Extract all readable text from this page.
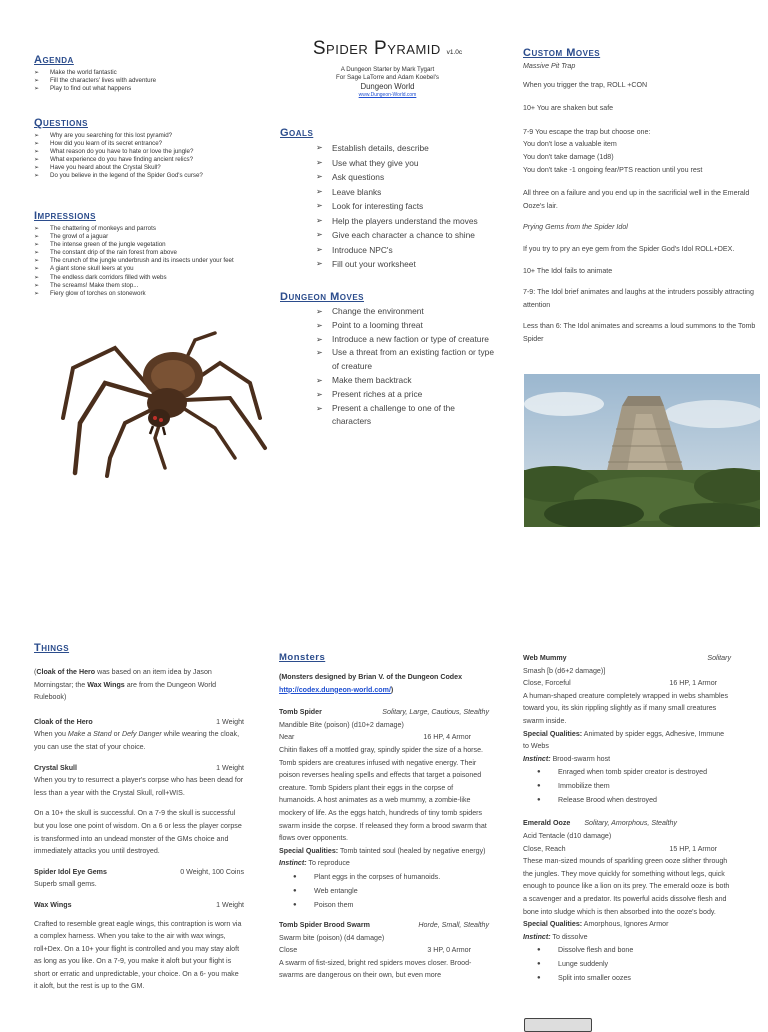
Agenda
➢ Make the world fantastic
➢ Fill the characters' lives with adventure
➢ Play to find out what happens
Questions
➢ Why are you searching for this lost pyramid?
➢ How did you learn of its secret entrance?
➢ What reason do you have to hate or love the jungle?
➢ What experience do you have finding ancient relics?
➢ Have you heard about the Crystal Skull?
➢ Do you believe in the legend of the Spider God's curse?
Impressions
➢ The chattering of monkeys and parrots
➢ The growl of a jaguar
➢ The intense green of the jungle vegetation
➢ The constant drip of the rain forest from above
➢ The crunch of the jungle underbrush and its insects under your feet
➢ A giant stone skull leers at you
➢ The endless dark corridors filled with webs
➢ The screams! Make them stop...
➢ Fiery glow of torches on stonework
Spider Pyramid v1.0c
A Dungeon Starter by Mark Tygart
For Sage LaTorre and Adam Koebel's
Dungeon World
www.Dungeon-World.com
Goals
➢ Establish details, describe
➢ Use what they give you
➢ Ask questions
➢ Leave blanks
➢ Look for interesting facts
➢ Help the players understand the moves
➢ Give each character a chance to shine
➢ Introduce NPC's
➢ Fill out your worksheet
Dungeon Moves
➢ Change the environment
➢ Point to a looming threat
➢ Introduce a new faction or type of creature
➢ Use a threat from an existing faction or type of creature
➢ Make them backtrack
➢ Present riches at a price
➢ Present a challenge to one of the characters
Custom Moves
Massive Pit Trap
When you trigger the trap, ROLL +CON
10+ You are shaken but safe
7-9 You escape the trap but choose one:
You don't lose a valuable item
You don't take damage (1d8)
You don't take -1 ongoing fear/PTS reaction until you rest
All three on a failure and you end up in the sacrificial well in the Emerald Ooze's lair.
Prying Gems from the Spider Idol
If you try to pry an eye gem from the Spider God's Idol ROLL+DEX.
10+ The Idol fails to animate
7-9: The Idol brief animates and laughs at the intruders possibly attracting attention
Less than 6: The Idol animates and screams a loud summons to the Tomb Spider
Things
(Cloak of the Hero was based on an item idea by Jason Morningstar; the Wax Wings are from the Dungeon World Rulebook)
Cloak of the Hero	1 Weight
When you Make a Stand or Defy Danger while wearing the cloak, you can use the stat of your choice.
Crystal Skull	1 Weight
When you try to resurrect a player's corpse who has been dead for less than a year with the Crystal Skull, roll+WIS.
On a 10+ the skull is successful. On a 7-9 the skull is successful but you lose one point of wisdom. On a 6 or less the player corpse is transformed into an undead monster of the GMs choice and immediately attacks you until destroyed.
Spider Idol Eye Gems	0 Weight, 100 Coins
Superb small gems.
Wax Wings	1 Weight
Crafted to resemble great eagle wings, this contraption is worn via a complex harness. When you take to the air with wax wings, roll+Dex. On a 10+ your flight is controlled and you may stay aloft as long as you like. On a 7-9, you make it aloft but your flight is short or erratic and unpredictable, your choice. On a 6- you make it aloft, but the rest is up to the GM.
Monsters
(Monsters designed by Brian V. of the Dungeon Codex http://codex.dungeon-world.com/)
Tomb Spider	Solitary, Large, Cautious, Stealthy
Mandible Bite (poison) (d10+2 damage)
Near	16 HP, 4 Armor
Chitin flakes off a mottled gray, spindly spider the size of a horse. Tomb spiders are creatures infused with negative energy. Their poison reverses healing spells and effects that target a poisoned creature. Tomb Spiders plant their eggs in the corpse of humanoids. A host animates as a web mummy, a zombie-like mockery of life. As the eggs hatch, hundreds of tiny tomb spiders swarm inside the corpse. If released they form a brood swarm that flows over opponents.
Special Qualities: Tomb tainted soul (healed by negative energy)
Instinct: To reproduce
● Plant eggs in the corpses of humanoids.
● Web entangle
● Poison them
Tomb Spider Brood Swarm	Horde, Small, Stealthy
Swarm bite (poison) (d4 damage)
Close	3 HP, 0 Armor
A swarm of fist-sized, bright red spiders moves closer. Brood-swarms are dangerous on their own, but even more
Web Mummy	Solitary
Smash [b (d6+2 damage)]
Close, Forceful	16 HP, 1 Armor
A human-shaped creature completely wrapped in webs shambles toward you, its skin rippling slightly as if many small creatures swarm inside.
Special Qualities: Animated by spider eggs, Adhesive, Immune to Webs
Instinct: Brood-swarm host
● Enraged when tomb spider creator is destroyed
● Immobilize them
● Release Brood when destroyed
Emerald Ooze Solitary, Amorphous, Stealthy
Acid Tentacle (d10 damage)
Close, Reach	15 HP, 1 Armor
These man-sized mounds of sparkling green ooze slither through the jungles. They move quickly for something without legs, quick enough to pounce like a lion on its prey. The emerald ooze is both a scavenger and a predator. Its powerful acids dissolve flesh and bone into sludge which is then absorbed into the ooze's body.
Special Qualities: Amorphous, Ignores Armor
Instinct: To dissolve
● Dissolve flesh and bone
● Lunge suddenly
● Split into smaller oozes
